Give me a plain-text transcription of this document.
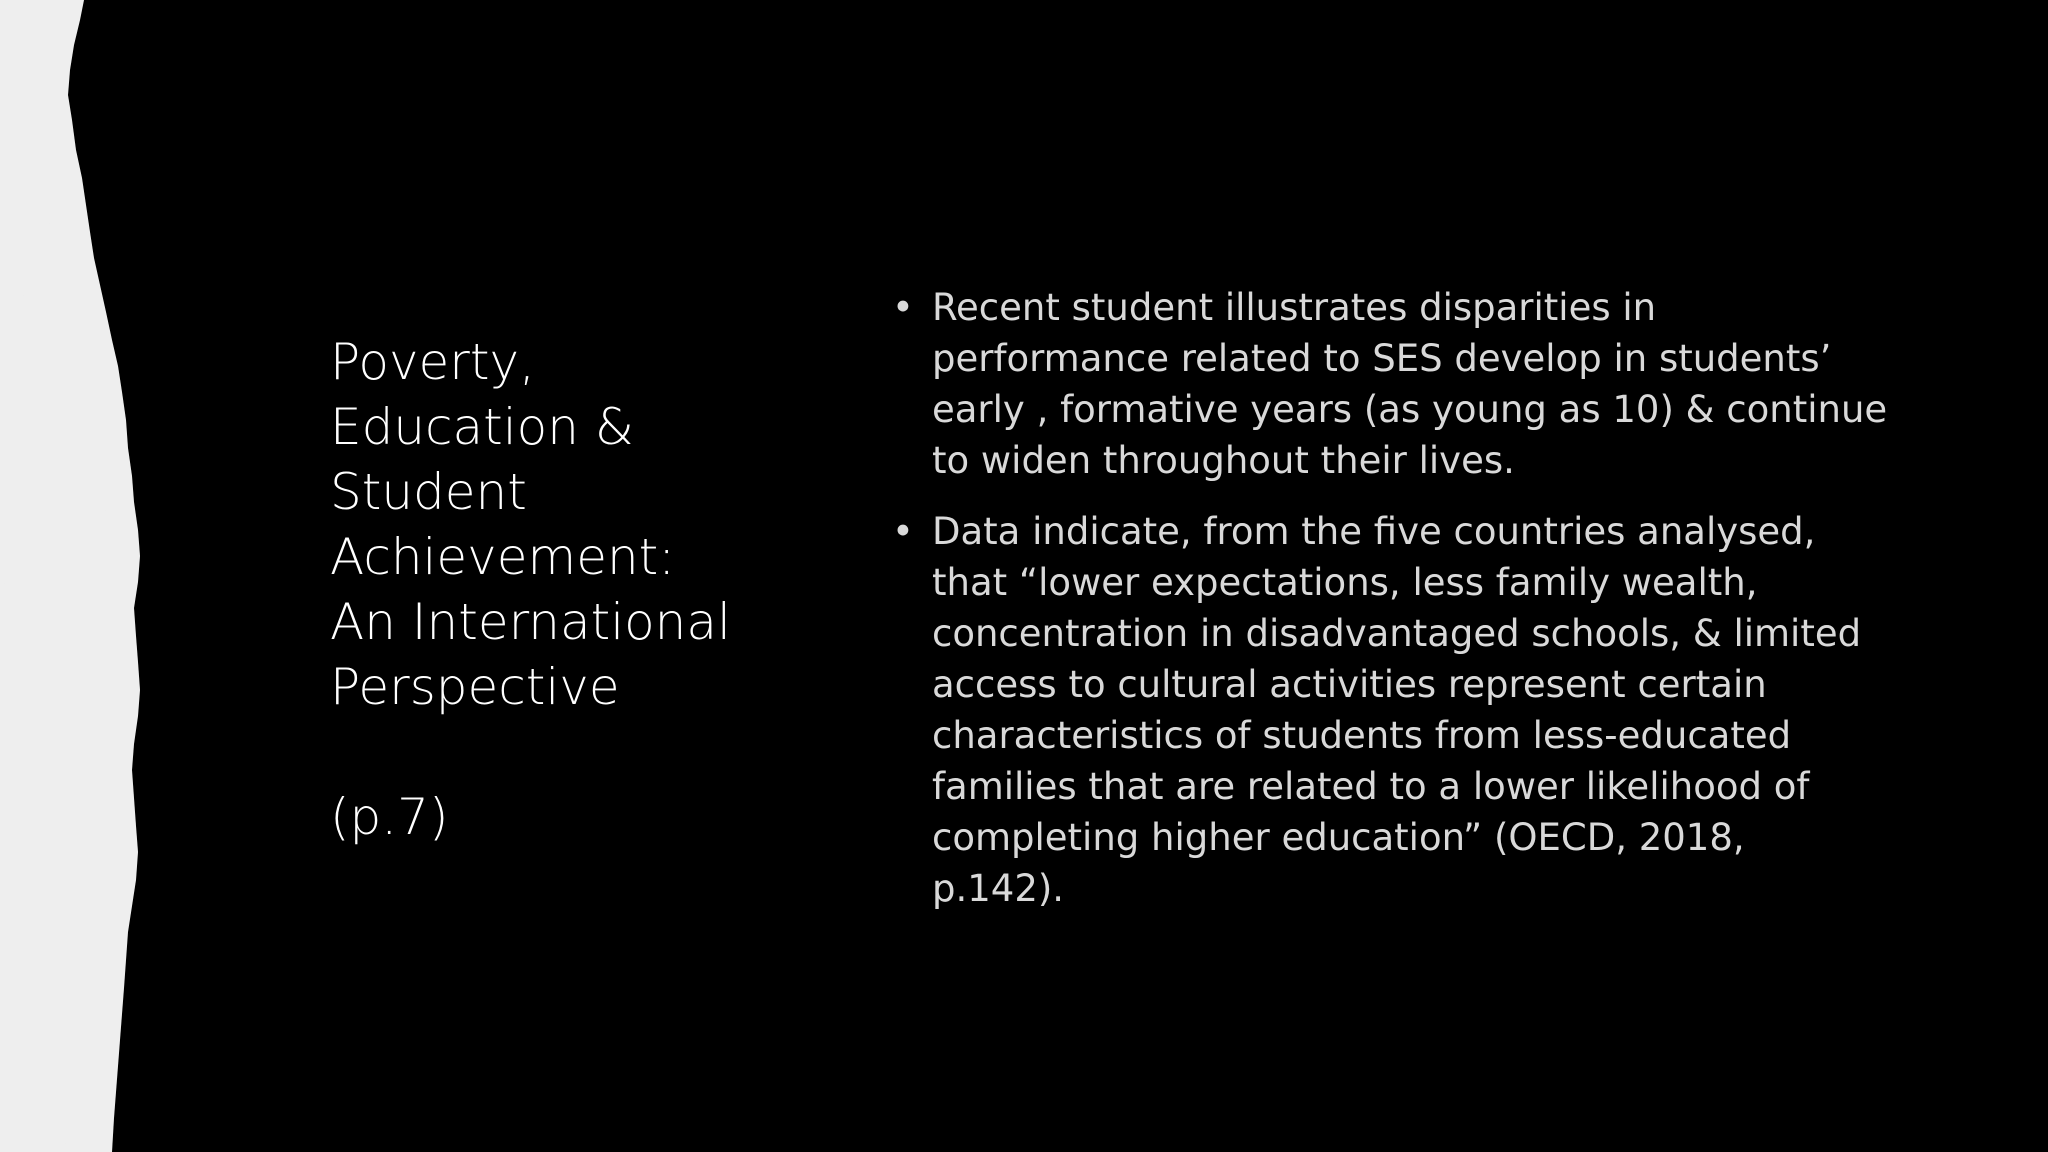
Poverty,
Education &
Student
Achievement:
An International
Perspective
(p.7)
• Recent student illustrates disparities in
performance related to SES develop in students’
early , formative years (as young as 10) & continue
to widen throughout their lives.
• Data indicate, from the five countries analysed,
that “lower expectations, less family wealth,
concentration in disadvantaged schools, & limited
access to cultural activities represent certain
characteristics of students from less-educated
families that are related to a lower likelihood of
completing higher education” (OECD, 2018,
p.142).
